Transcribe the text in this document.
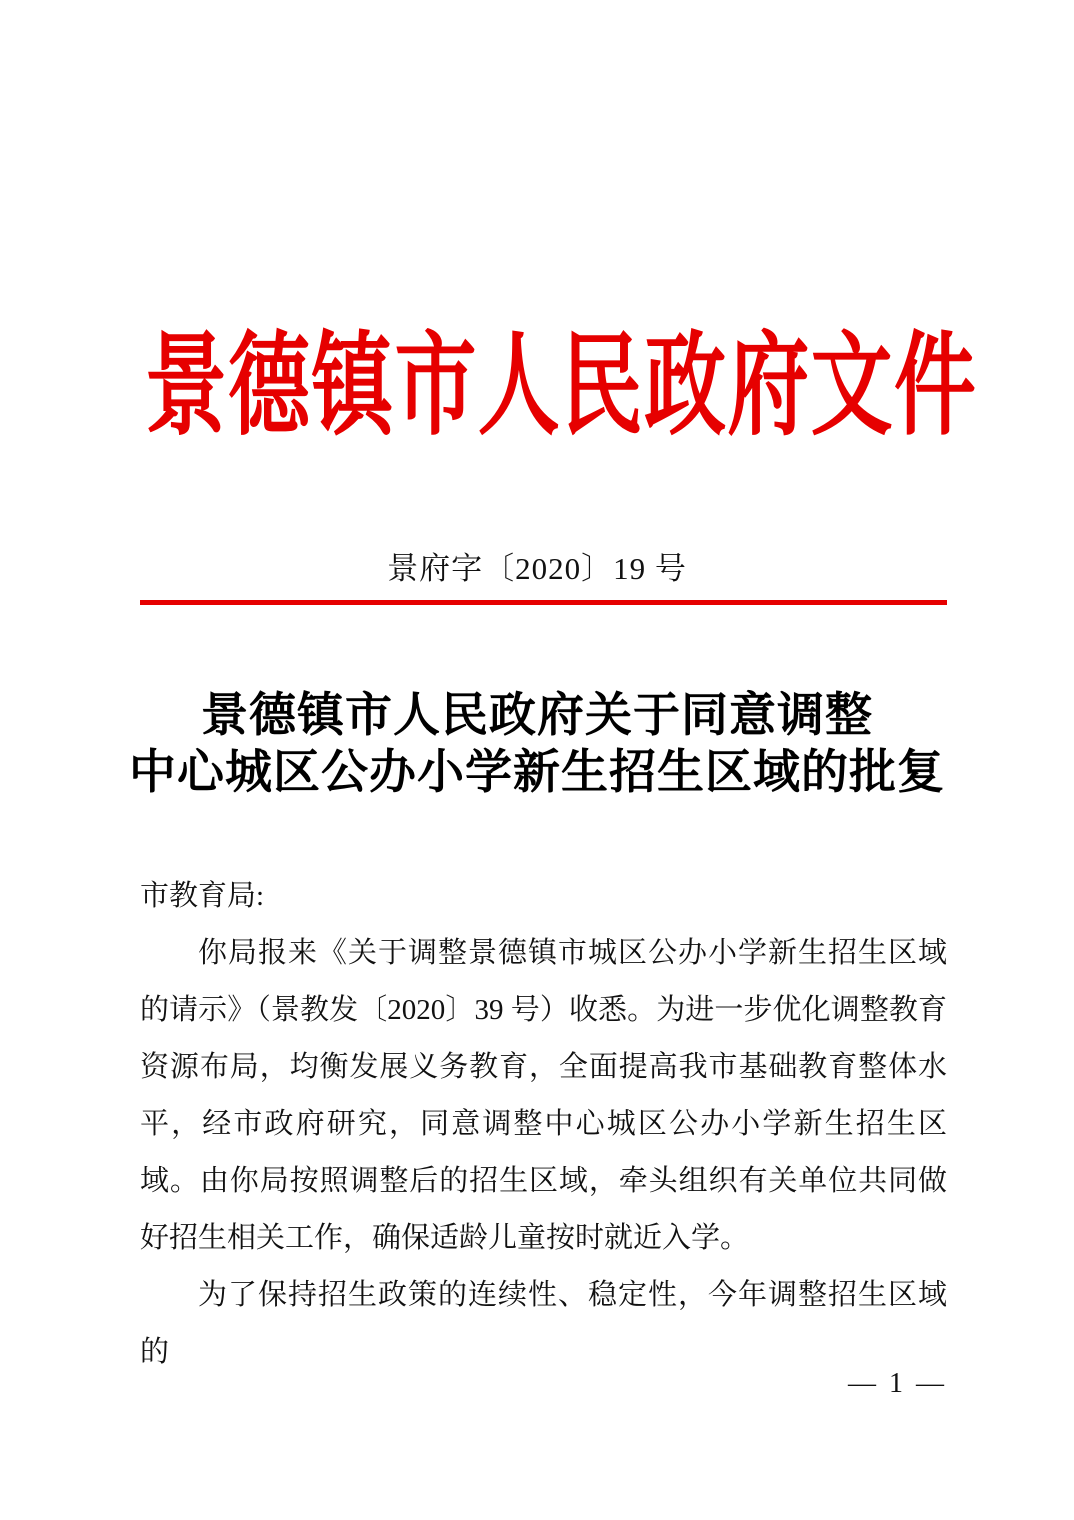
景德镇市人民政府文件
景府字〔2020〕19 号
景德镇市人民政府关于同意调整
中心城区公办小学新生招生区域的批复

市教育局:

你局报来《关于调整景德镇市城区公办小学新生招生区域的请示》（景教发〔2020〕39 号）收悉。为进一步优化调整教育资源布局，均衡发展义务教育，全面提高我市基础教育整体水平，经市政府研究，同意调整中心城区公办小学新生招生区域。由你局按照调整后的招生区域，牵头组织有关单位共同做好招生相关工作，确保适龄儿童按时就近入学。

为了保持招生政策的连续性、稳定性，今年调整招生区域的

— 1 —
